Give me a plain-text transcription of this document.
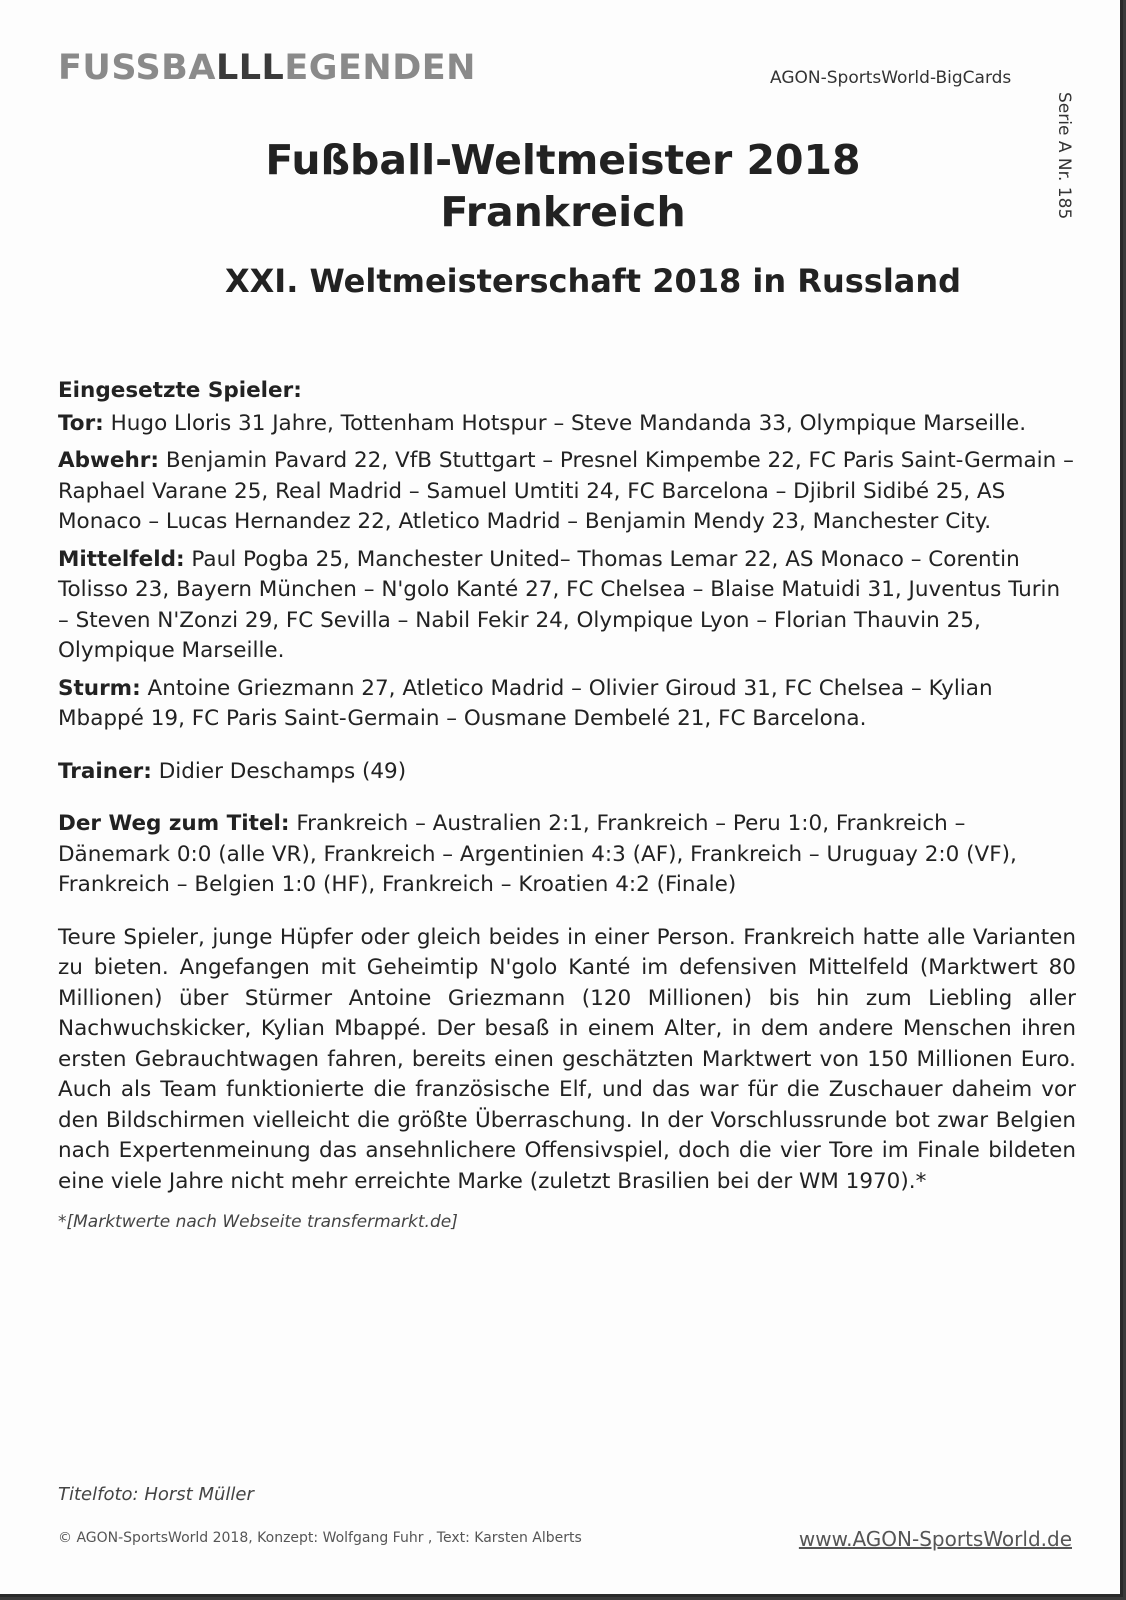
FUSSBALLLEGENDEN	AGON-SportsWorld-BigCards
Serie A Nr. 185
Fußball-Weltmeister 2018
Frankreich
XXI. Weltmeisterschaft 2018 in Russland

Eingesetzte Spieler:

Tor: Hugo Lloris 31 Jahre, Tottenham Hotspur – Steve Mandanda 33, Olympique Marseille.

Abwehr: Benjamin Pavard 22, VfB Stuttgart – Presnel Kimpembe 22, FC Paris Saint-Germain – Raphael Varane 25, Real Madrid – Samuel Umtiti 24, FC Barcelona – Djibril Sidibé 25, AS Monaco – Lucas Hernandez 22, Atletico Madrid – Benjamin Mendy 23, Manchester City.

Mittelfeld: Paul Pogba 25, Manchester United– Thomas Lemar 22, AS Monaco – Corentin Tolisso 23, Bayern München – N'golo Kanté 27, FC Chelsea – Blaise Matuidi 31, Juventus Turin – Steven N'Zonzi 29, FC Sevilla – Nabil Fekir 24, Olympique Lyon – Florian Thauvin 25, Olympique Marseille.

Sturm: Antoine Griezmann 27, Atletico Madrid – Olivier Giroud 31, FC Chelsea – Kylian Mbappé 19, FC Paris Saint-Germain – Ousmane Dembelé 21, FC Barcelona.

Trainer: Didier Deschamps (49)

Der Weg zum Titel: Frankreich – Australien 2:1, Frankreich – Peru 1:0, Frankreich – Dänemark 0:0 (alle VR), Frankreich – Argentinien 4:3 (AF), Frankreich – Uruguay 2:0 (VF), Frankreich – Belgien 1:0 (HF), Frankreich – Kroatien 4:2 (Finale)

Teure Spieler, junge Hüpfer oder gleich beides in einer Person. Frankreich hatte alle Varianten zu bieten. Angefangen mit Geheimtip N'golo Kanté im defensiven Mittelfeld (Marktwert 80 Millionen) über Stürmer Antoine Griezmann (120 Millionen) bis hin zum Liebling aller Nachwuchskicker, Kylian Mbappé. Der besaß in einem Alter, in dem andere Menschen ihren ersten Gebrauchtwagen fahren, bereits einen geschätzten Marktwert von 150 Millionen Euro. Auch als Team funktionierte die französische Elf, und das war für die Zuschauer daheim vor den Bildschirmen vielleicht die größte Überraschung. In der Vorschlussrunde bot zwar Belgien nach Expertenmeinung das ansehnlichere Offensivspiel, doch die vier Tore im Finale bildeten eine viele Jahre nicht mehr erreichte Marke (zuletzt Brasilien bei der WM 1970).*

*[Marktwerte nach Webseite transfermarkt.de]

Titelfoto: Horst Müller
© AGON-SportsWorld 2018, Konzept: Wolfgang Fuhr , Text: Karsten Alberts	www.AGON-SportsWorld.de
